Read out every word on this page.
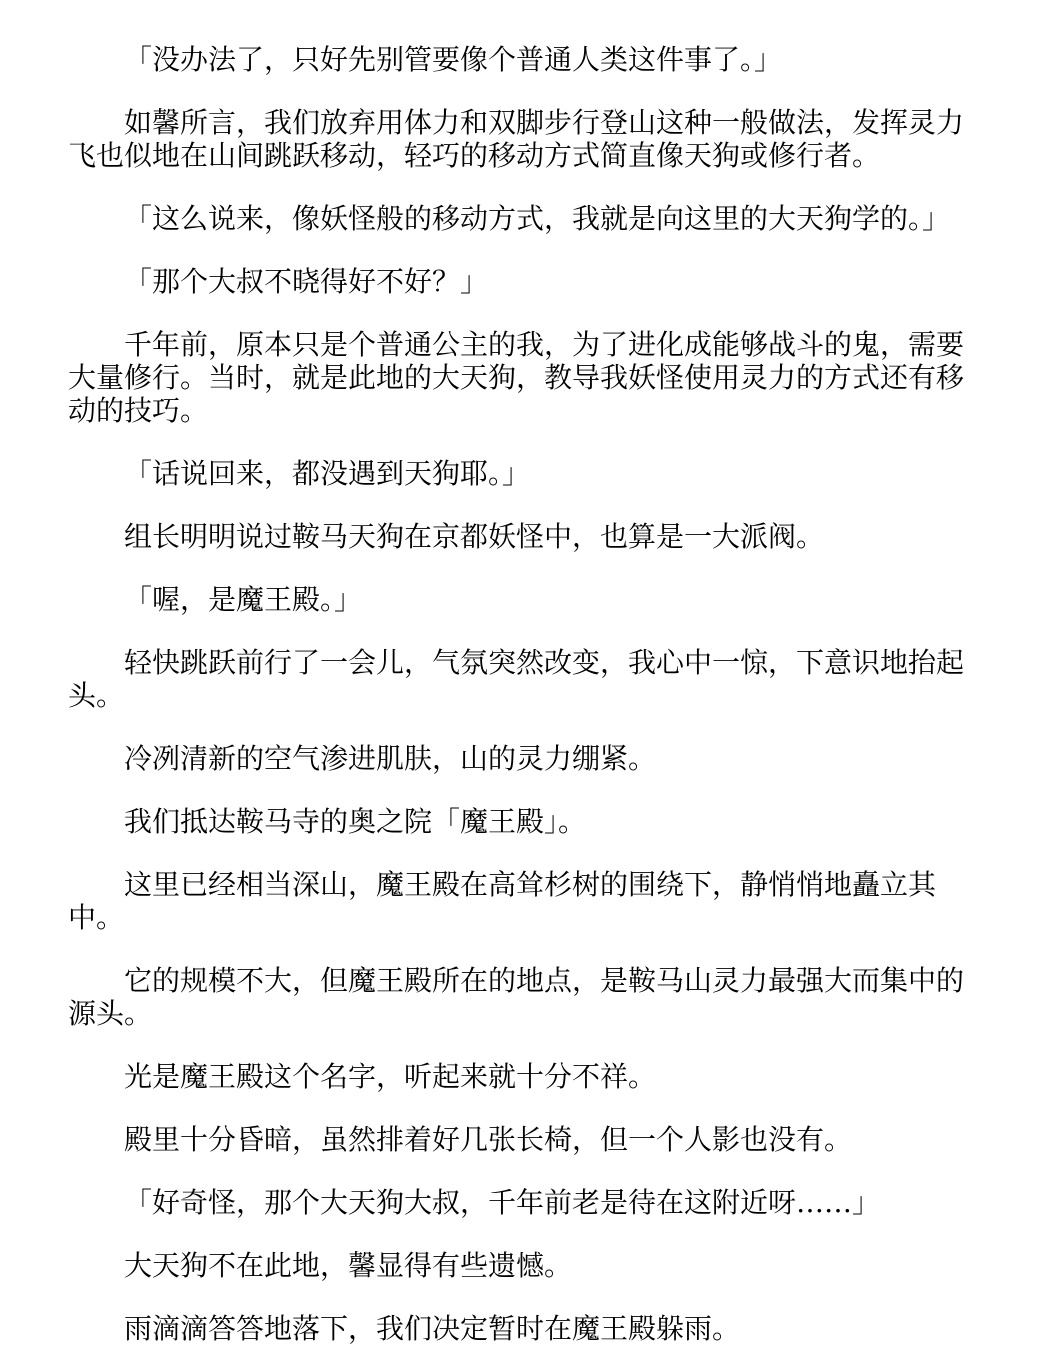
「没办法了，只好先别管要像个普通人类这件事了。」

如馨所言，我们放弃用体力和双脚步行登山这种一般做法，发挥灵力飞也似地在山间跳跃移动，轻巧的移动方式简直像天狗或修行者。

「这么说来，像妖怪般的移动方式，我就是向这里的大天狗学的。」

「那个大叔不晓得好不好？」

千年前，原本只是个普通公主的我，为了进化成能够战斗的鬼，需要大量修行。当时，就是此地的大天狗，教导我妖怪使用灵力的方式还有移动的技巧。

「话说回来，都没遇到天狗耶。」

组长明明说过鞍马天狗在京都妖怪中，也算是一大派阀。

「喔，是魔王殿。」

轻快跳跃前行了一会儿，气氛突然改变，我心中一惊，下意识地抬起头。

冷冽清新的空气渗进肌肤，山的灵力绷紧。

我们抵达鞍马寺的奥之院「魔王殿」。

这里已经相当深山，魔王殿在高耸杉树的围绕下，静悄悄地矗立其中。

它的规模不大，但魔王殿所在的地点，是鞍马山灵力最强大而集中的源头。

光是魔王殿这个名字，听起来就十分不祥。

殿里十分昏暗，虽然排着好几张长椅，但一个人影也没有。

「好奇怪，那个大天狗大叔，千年前老是待在这附近呀……」

大天狗不在此地，馨显得有些遗憾。

雨滴滴答答地落下，我们决定暂时在魔王殿躲雨。
